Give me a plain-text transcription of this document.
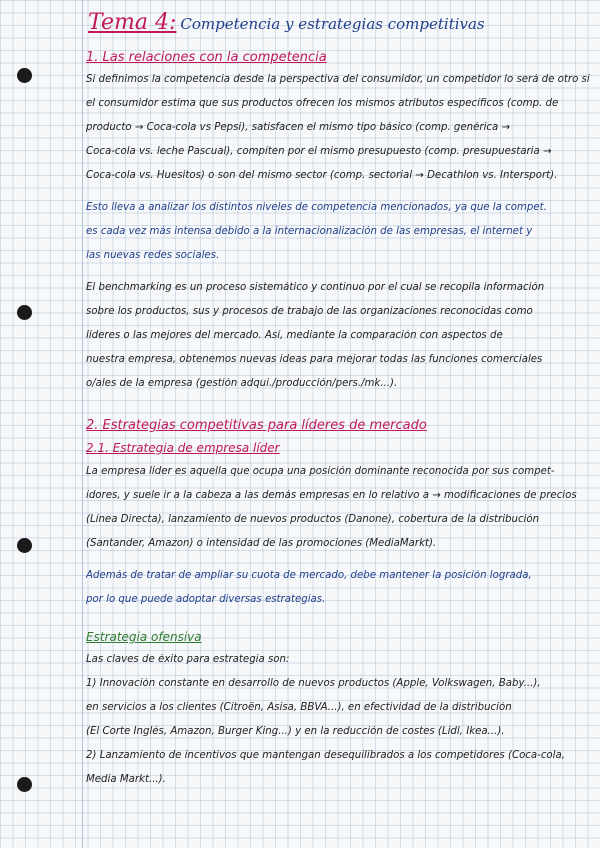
Tema 4: Competencia y estrategias competitivas

1. Las relaciones con la competencia

Si definimos la competencia desde la perspectiva del consumidor, un competidor lo será de otro si

el consumidor estima que sus productos ofrecen los mismos atributos específicos (comp. de

producto → Coca-cola vs Pepsi), satisfacen el mismo tipo básico (comp. genérica →

Coca-cola vs. leche Pascual), compiten por el mismo presupuesto (comp. presupuestaria →

Coca-cola vs. Huesitos) o son del mismo sector (comp. sectorial → Decathlon vs. Intersport).

Esto lleva a analizar los distintos niveles de competencia mencionados, ya que la compet.

es cada vez más intensa debido a la internacionalización de las empresas, el internet y

las nuevas redes sociales.

El benchmarking es un proceso sistemático y continuo por el cual se recopila información

sobre los productos, sus y procesos de trabajo de las organizaciones reconocidas como

líderes o las mejores del mercado. Así, mediante la comparación con aspectos de

nuestra empresa, obtenemos nuevas ideas para mejorar todas las funciones comerciales

o/ales de la empresa (gestión adqui./producción/pers./mk...).

2. Estrategias competitivas para líderes de mercado

2.1. Estrategia de empresa líder

La empresa líder es aquella que ocupa una posición dominante reconocida por sus compet-

idores, y suele ir a la cabeza a las demás empresas en lo relativo a → modificaciones de precios

(Línea Directa), lanzamiento de nuevos productos (Danone), cobertura de la distribución

(Santander, Amazon) o intensidad de las promociones (MediaMarkt).

Además de tratar de ampliar su cuota de mercado, debe mantener la posición lograda,

por lo que puede adoptar diversas estrategias.

Estrategia ofensiva

Las claves de éxito para estrategia son:

1) Innovación constante en desarrollo de nuevos productos (Apple, Volkswagen, Baby...),

en servicios a los clientes (Citroën, Asisa, BBVA...), en efectividad de la distribución

(El Corte Inglés, Amazon, Burger King...) y en la reducción de costes (Lidl, Ikea...).

2) Lanzamiento de incentivos que mantengan desequilibrados a los competidores (Coca-cola,

Media Markt...).
